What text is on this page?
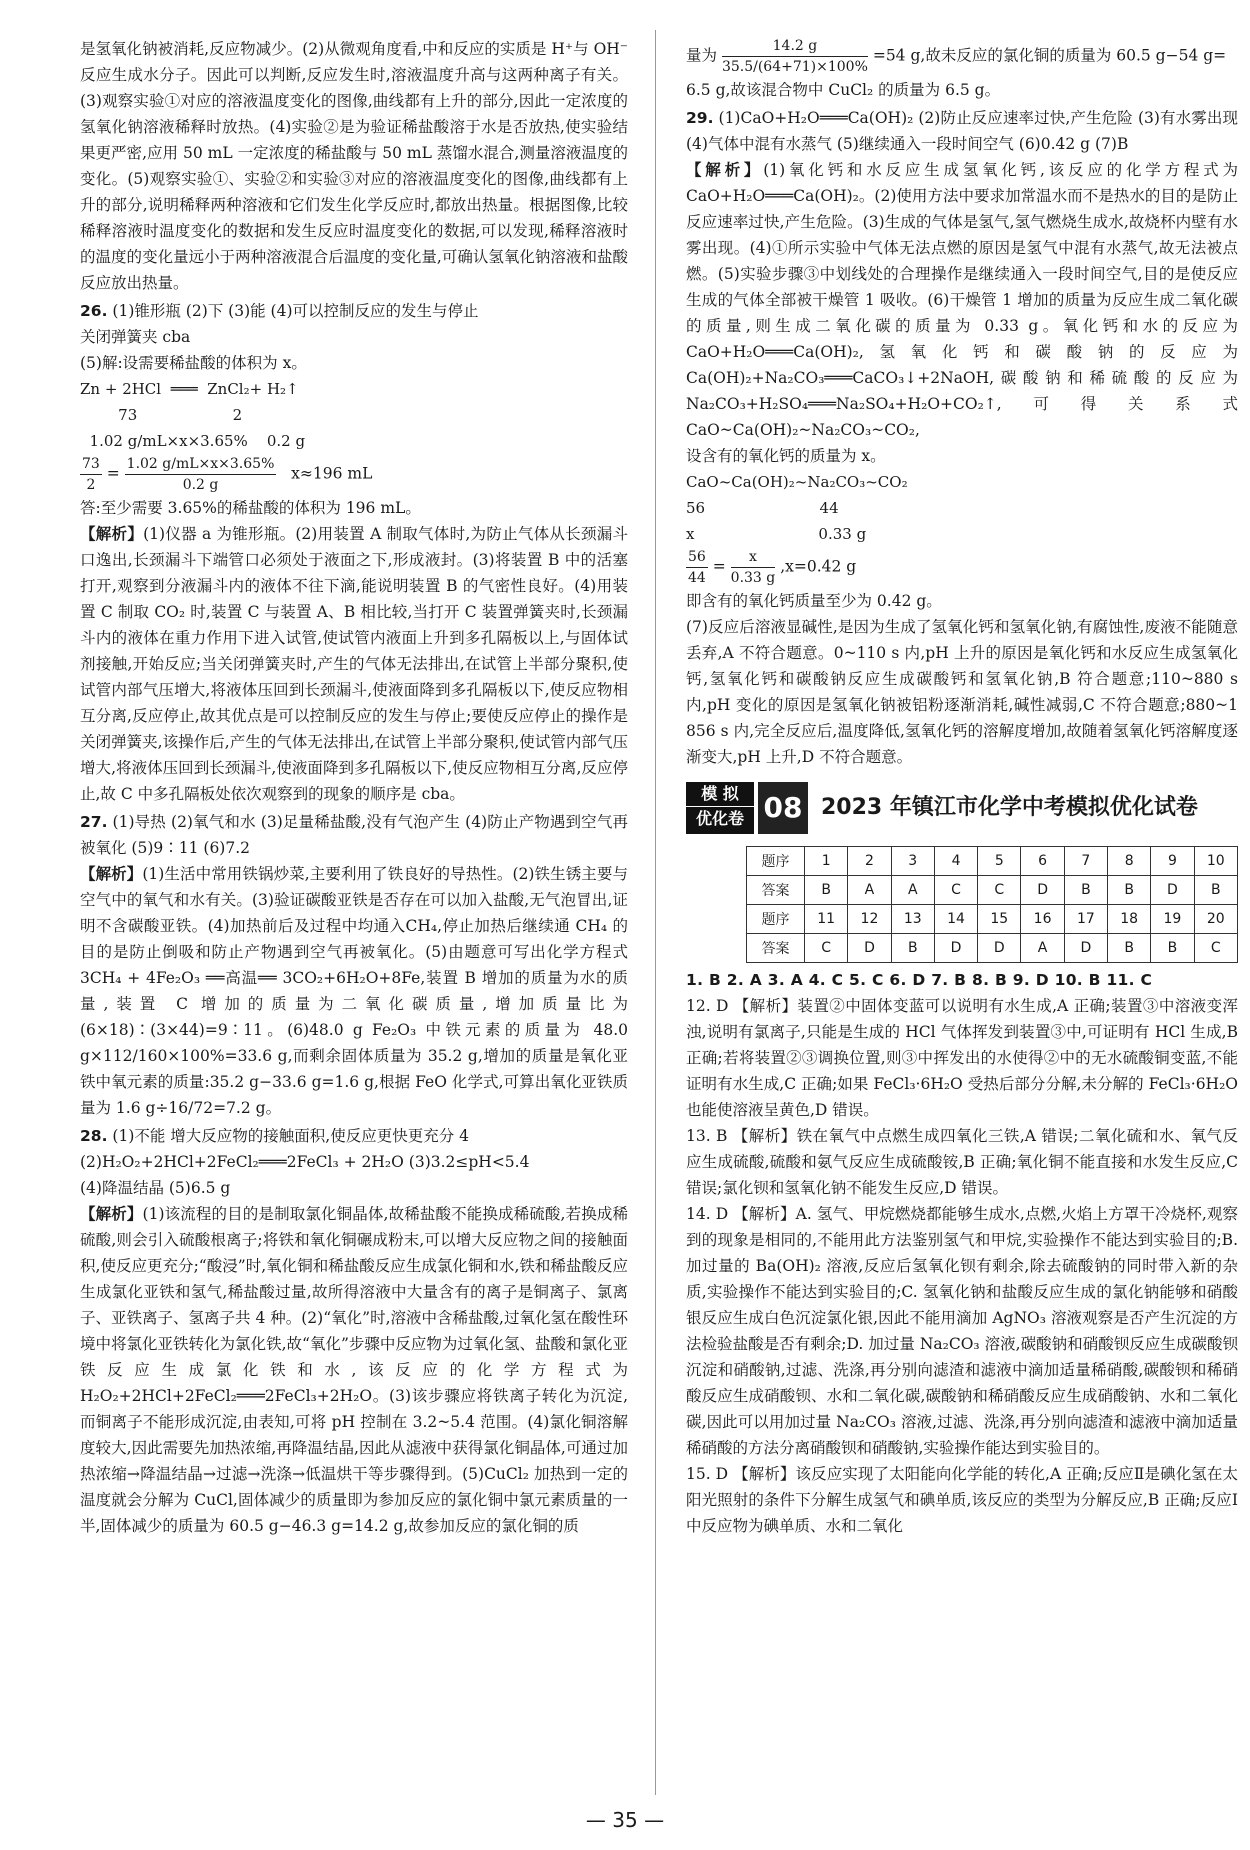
是氢氧化钠被消耗,反应物减少。(2)从微观角度看,中和反应的实质是 H⁺与 OH⁻反应生成水分子。因此可以判断,反应发生时,溶液温度升高与这两种离子有关。(3)观察实验①对应的溶液温度变化的图像,曲线都有上升的部分,因此一定浓度的氢氧化钠溶液稀释时放热。(4)实验②是为验证稀盐酸溶于水是否放热,使实验结果更严密,应用 50 mL 一定浓度的稀盐酸与 50 mL 蒸馏水混合,测量溶液温度的变化。(5)观察实验①、实验②和实验③对应的溶液温度变化的图像,曲线都有上升的部分,说明稀释两种溶液和它们发生化学反应时,都放出热量。根据图像,比较稀释溶液时温度变化的数据和发生反应时温度变化的数据,可以发现,稀释溶液时的温度的变化量远小于两种溶液混合后温度的变化量,可确认氢氧化钠溶液和盐酸反应放出热量。

26. (1)锥形瓶 (2)下 (3)能 (4)可以控制反应的发生与停止

关闭弹簧夹 cba

(5)解:设需要稀盐酸的体积为 x。

Zn + 2HCl  ═══  ZnCl₂+ H₂↑
73                    2
1.02 g/mL×x×3.65%    0.2 g

$\frac{73}{2} = \frac{1.02 g/mL\times x\times 3.65\%}{0.2 g} x\approx 196$ mL

答:至少需要 3.65%的稀盐酸的体积为 196 mL。

【解析】(1)仪器 a 为锥形瓶。(2)用装置 A 制取气体时,为防止气体从长颈漏斗口逸出,长颈漏斗下端管口必须处于液面之下,形成液封。(3)将装置 B 中的活塞打开,观察到分液漏斗内的液体不往下滴,能说明装置 B 的气密性良好。(4)用装置 C 制取 CO₂ 时,装置 C 与装置 A、B 相比较,当打开 C 装置弹簧夹时,长颈漏斗内的液体在重力作用下进入试管,使试管内液面上升到多孔隔板以上,与固体试剂接触,开始反应;当关闭弹簧夹时,产生的气体无法排出,在试管上半部分聚积,使试管内部气压增大,将液体压回到长颈漏斗,使液面降到多孔隔板以下,使反应物相互分离,反应停止,故其优点是可以控制反应的发生与停止;要使反应停止的操作是关闭弹簧夹,该操作后,产生的气体无法排出,在试管上半部分聚积,使试管内部气压增大,将液体压回到长颈漏斗,使液面降到多孔隔板以下,使反应物相互分离,反应停止,故 C 中多孔隔板处依次观察到的现象的顺序是 cba。

27. (1)导热 (2)氧气和水 (3)足量稀盐酸,没有气泡产生 (4)防止产物遇到空气再被氧化 (5)9∶11 (6)7.2

【解析】(1)生活中常用铁锅炒菜,主要利用了铁良好的导热性。(2)铁生锈主要与空气中的氧气和水有关。(3)验证碳酸亚铁是否存在可以加入盐酸,无气泡冒出,证明不含碳酸亚铁。(4)加热前后及过程中均通入CH₄,停止加热后继续通 CH₄ 的目的是防止倒吸和防止产物遇到空气再被氧化。(5)由题意可写出化学方程式 3CH₄ + 4Fe₂O₃ ══高温══ 3CO₂+6H₂O+8Fe,装置 B 增加的质量为水的质量,装置 C 增加的质量为二氧化碳质量,增加质量比为(6×18)∶(3×44)=9∶11。(6)48.0 g Fe₂O₃ 中铁元素的质量为 48.0 g×112/160×100%=33.6 g,而剩余固体质量为 35.2 g,增加的质量是氧化亚铁中氧元素的质量:35.2 g−33.6 g=1.6 g,根据 FeO 化学式,可算出氧化亚铁质量为 1.6 g÷16/72=7.2 g。

28. (1)不能 增大反应物的接触面积,使反应更快更充分 4

(2)H₂O₂+2HCl+2FeCl₂═══2FeCl₃ + 2H₂O (3)3.2≤pH<5.4

(4)降温结晶 (5)6.5 g

【解析】(1)该流程的目的是制取氯化铜晶体,故稀盐酸不能换成稀硫酸,若换成稀硫酸,则会引入硫酸根离子;将铁和氧化铜碾成粉末,可以增大反应物之间的接触面积,使反应更充分;“酸浸”时,氧化铜和稀盐酸反应生成氯化铜和水,铁和稀盐酸反应生成氯化亚铁和氢气,稀盐酸过量,故所得溶液中大量含有的离子是铜离子、氯离子、亚铁离子、氢离子共 4 种。(2)“氧化”时,溶液中含稀盐酸,过氧化氢在酸性环境中将氯化亚铁转化为氯化铁,故“氧化”步骤中反应物为过氧化氢、盐酸和氯化亚铁反应生成氯化铁和水,该反应的化学方程式为 H₂O₂+2HCl+2FeCl₂═══2FeCl₃+2H₂O。(3)该步骤应将铁离子转化为沉淀,而铜离子不能形成沉淀,由表知,可将 pH 控制在 3.2~5.4 范围。(4)氯化铜溶解度较大,因此需要先加热浓缩,再降温结晶,因此从滤液中获得氯化铜晶体,可通过加热浓缩→降温结晶→过滤→洗涤→低温烘干等步骤得到。(5)CuCl₂ 加热到一定的温度就会分解为 CuCl,固体减少的质量即为参加反应的氯化铜中氯元素质量的一半,固体减少的质量为 60.5 g−46.3 g=14.2 g,故参加反应的氯化铜的质

量为 $\frac{14.2 g}{35.5/(64+71)\times 100\%} =54$ g,故未反应的氯化铜的质量为 60.5 g−54 g=

6.5 g,故该混合物中 CuCl₂ 的质量为 6.5 g。

29. (1)CaO+H₂O═══Ca(OH)₂ (2)防止反应速率过快,产生危险 (3)有水雾出现 (4)气体中混有水蒸气 (5)继续通入一段时间空气 (6)0.42 g (7)B

【解析】(1)氧化钙和水反应生成氢氧化钙,该反应的化学方程式为 CaO+H₂O═══Ca(OH)₂。(2)使用方法中要求加常温水而不是热水的目的是防止反应速率过快,产生危险。(3)生成的气体是氢气,氢气燃烧生成水,故烧杯内壁有水雾出现。(4)①所示实验中气体无法点燃的原因是氢气中混有水蒸气,故无法被点燃。(5)实验步骤③中划线处的合理操作是继续通入一段时间空气,目的是使反应生成的气体全部被干燥管 1 吸收。(6)干燥管 1 增加的质量为反应生成二氧化碳的质量,则生成二氧化碳的质量为 0.33 g。氧化钙和水的反应为 CaO+H₂O═══Ca(OH)₂,氢氧化钙和碳酸钠的反应为 Ca(OH)₂+Na₂CO₃═══CaCO₃↓+2NaOH,碳酸钠和稀硫酸的反应为 Na₂CO₃+H₂SO₄═══Na₂SO₄+H₂O+CO₂↑,可得关系式 CaO~Ca(OH)₂~Na₂CO₃~CO₂,

设含有的氧化钙的质量为 x。

CaO~Ca(OH)₂~Na₂CO₃~CO₂
56                        44
x                          0.33 g

$\frac{56}{44} = \frac{x}{0.33 g} ,x=0.42$ g

即含有的氧化钙质量至少为 0.42 g。

(7)反应后溶液显碱性,是因为生成了氢氧化钙和氢氧化钠,有腐蚀性,废液不能随意丢弃,A 不符合题意。0~110 s 内,pH 上升的原因是氧化钙和水反应生成氢氧化钙,氢氧化钙和碳酸钠反应生成碳酸钙和氢氧化钠,B 符合题意;110~880 s 内,pH 变化的原因是氢氧化钠被铝粉逐渐消耗,碱性减弱,C 不符合题意;880~1 856 s 内,完全反应后,温度降低,氢氧化钙的溶解度增加,故随着氢氧化钙溶解度逐渐变大,pH 上升,D 不符合题意。

模 拟
优化卷 08 2023 年镇江市化学中考模拟优化试卷
题序	1	2	3	4	5	6	7	8	9	10
答案	B	A	A	C	C	D	B	B	D	B
题序	11	12	13	14	15	16	17	18	19	20
答案	C	D	B	D	D	A	D	B	B	C
1. B 2. A 3. A 4. C 5. C 6. D 7. B 8. B 9. D 10. B 11. C

12. D 【解析】装置②中固体变蓝可以说明有水生成,A 正确;装置③中溶液变浑浊,说明有氯离子,只能是生成的 HCl 气体挥发到装置③中,可证明有 HCl 生成,B 正确;若将装置②③调换位置,则③中挥发出的水使得②中的无水硫酸铜变蓝,不能证明有水生成,C 正确;如果 FeCl₃·6H₂O 受热后部分分解,未分解的 FeCl₃·6H₂O 也能使溶液呈黄色,D 错误。

13. B 【解析】铁在氧气中点燃生成四氧化三铁,A 错误;二氧化硫和水、氧气反应生成硫酸,硫酸和氨气反应生成硫酸铵,B 正确;氧化铜不能直接和水发生反应,C 错误;氯化钡和氢氧化钠不能发生反应,D 错误。

14. D 【解析】A. 氢气、甲烷燃烧都能够生成水,点燃,火焰上方罩干冷烧杯,观察到的现象是相同的,不能用此方法鉴别氢气和甲烷,实验操作不能达到实验目的;B. 加过量的 Ba(OH)₂ 溶液,反应后氢氧化钡有剩余,除去硫酸钠的同时带入新的杂质,实验操作不能达到实验目的;C. 氢氧化钠和盐酸反应生成的氯化钠能够和硝酸银反应生成白色沉淀氯化银,因此不能用滴加 AgNO₃ 溶液观察是否产生沉淀的方法检验盐酸是否有剩余;D. 加过量 Na₂CO₃ 溶液,碳酸钠和硝酸钡反应生成碳酸钡沉淀和硝酸钠,过滤、洗涤,再分别向滤渣和滤液中滴加适量稀硝酸,碳酸钡和稀硝酸反应生成硝酸钡、水和二氧化碳,碳酸钠和稀硝酸反应生成硝酸钠、水和二氧化碳,因此可以用加过量 Na₂CO₃ 溶液,过滤、洗涤,再分别向滤渣和滤液中滴加适量稀硝酸的方法分离硝酸钡和硝酸钠,实验操作能达到实验目的。

15. D 【解析】该反应实现了太阳能向化学能的转化,A 正确;反应Ⅱ是碘化氢在太阳光照射的条件下分解生成氢气和碘单质,该反应的类型为分解反应,B 正确;反应Ⅰ中反应物为碘单质、水和二氧化

— 35 —
